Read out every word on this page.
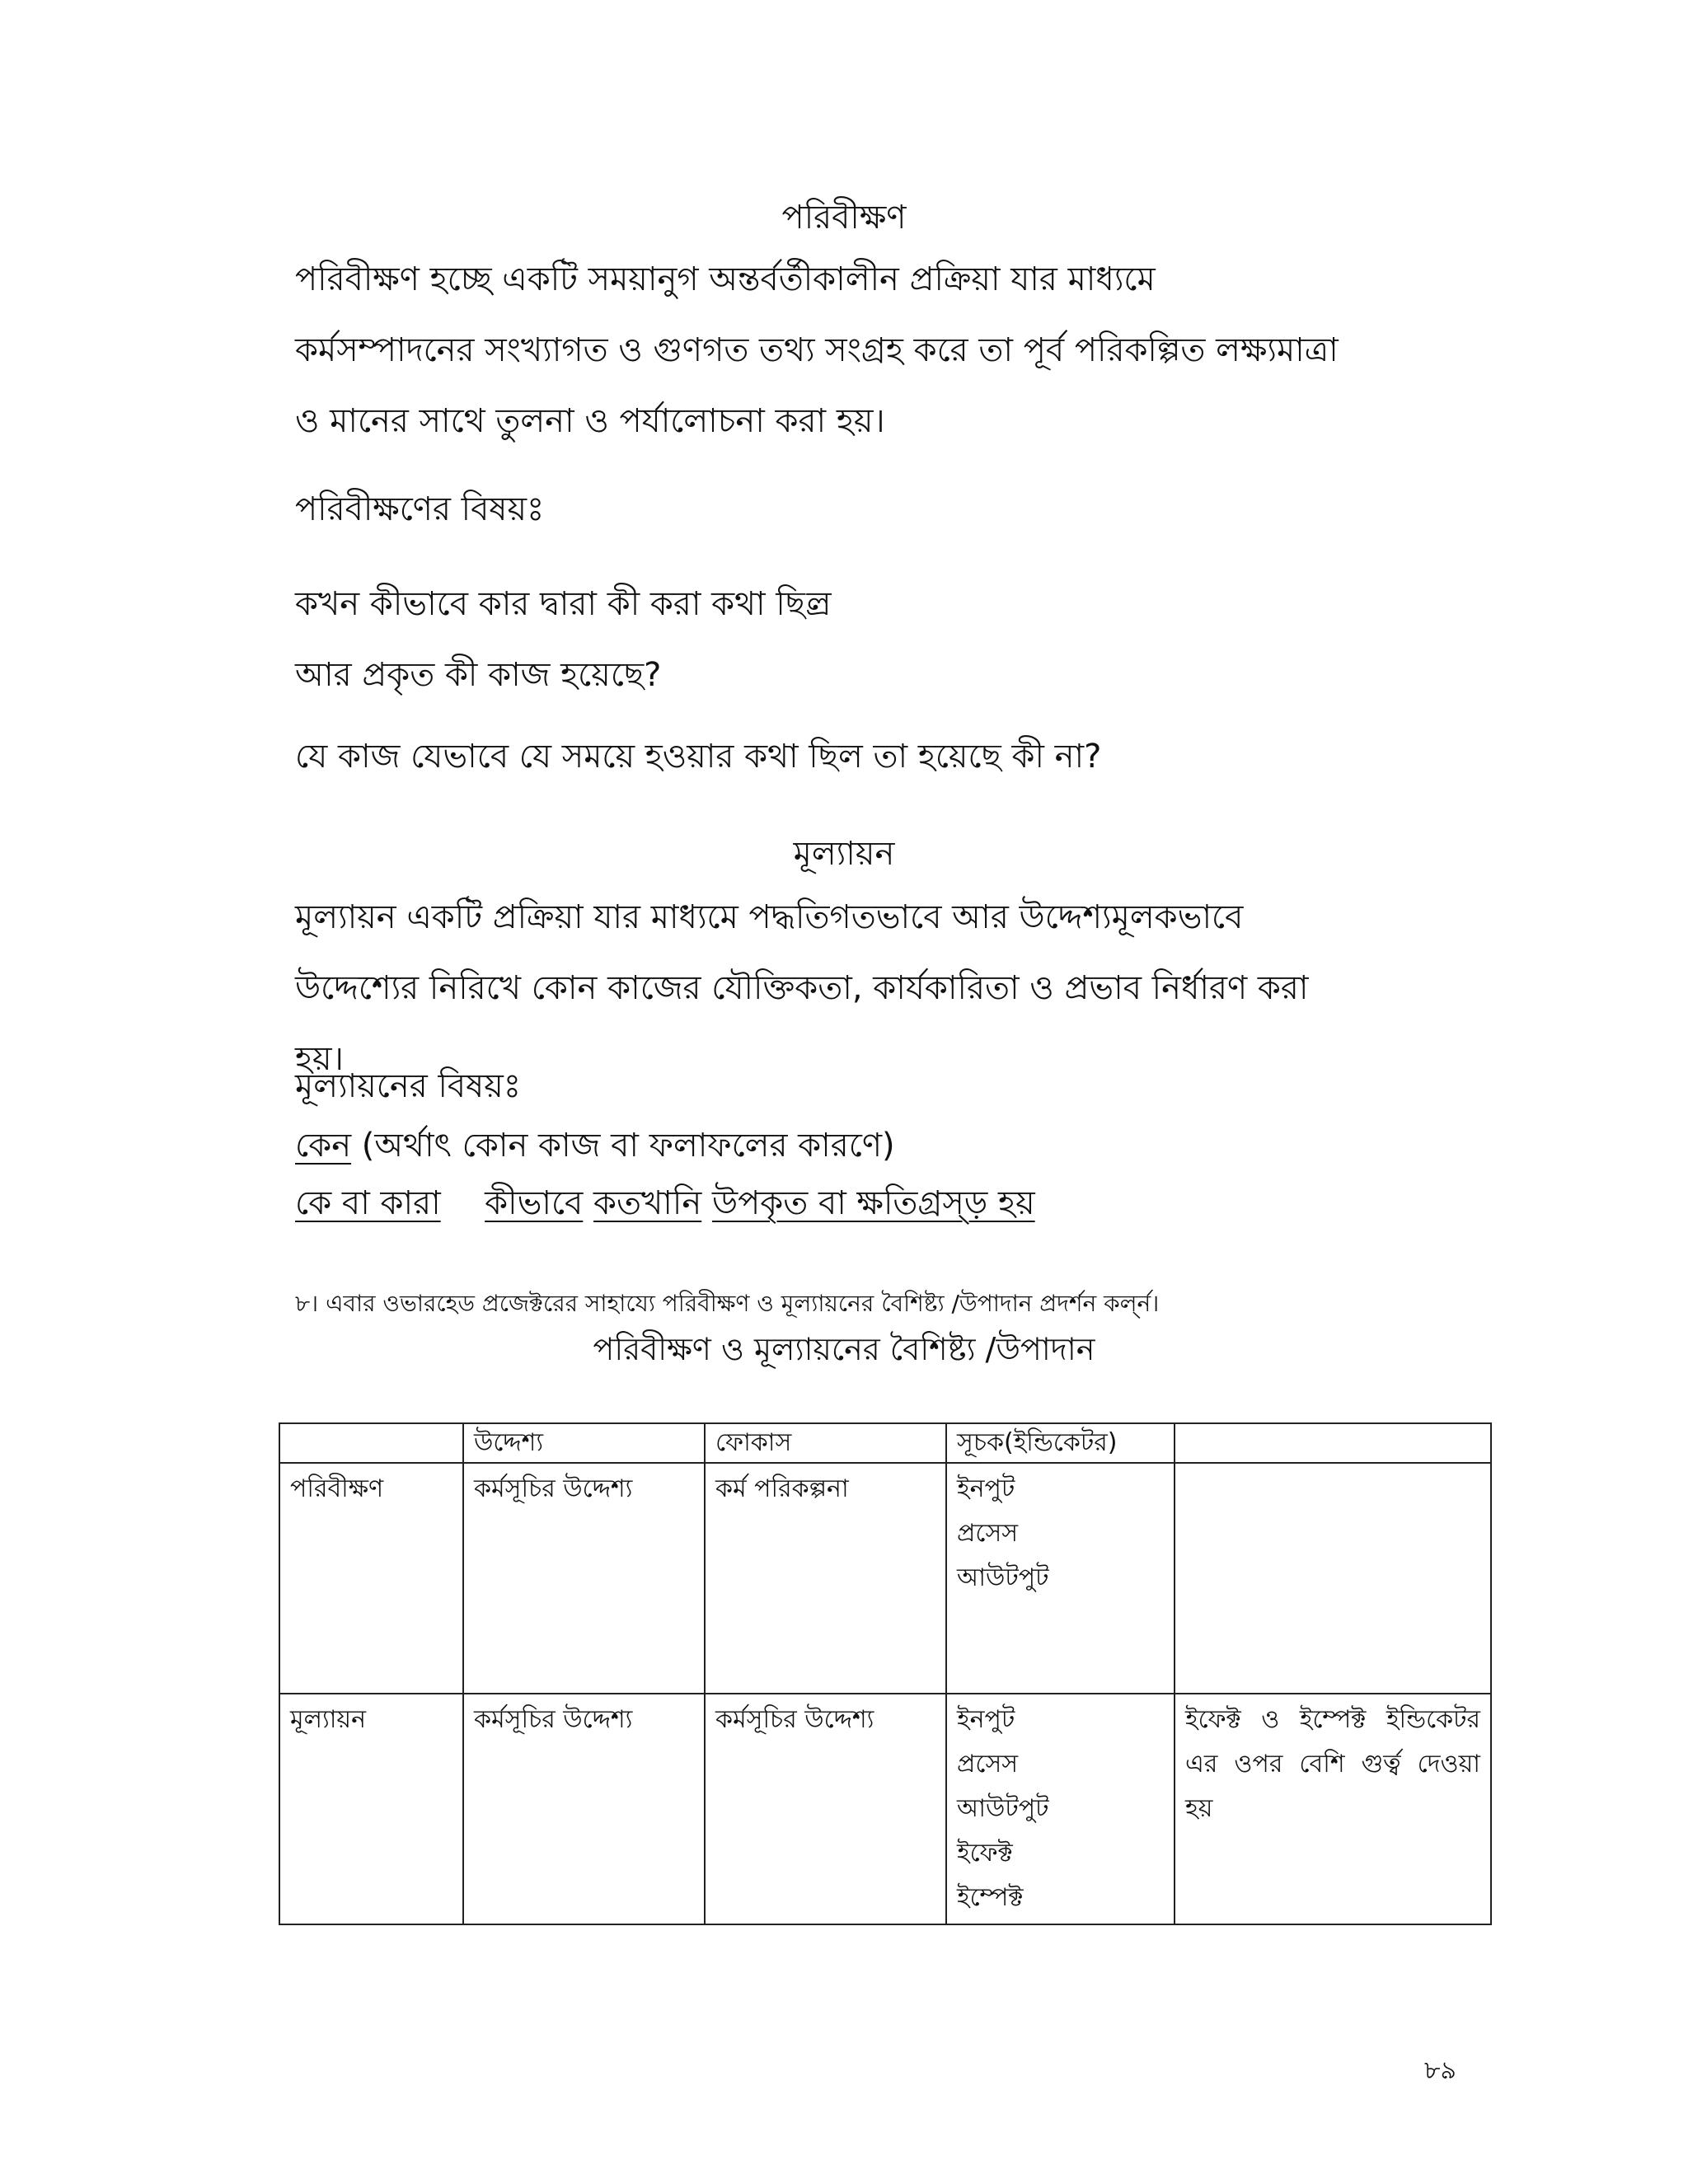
পরিবীক্ষণ
পরিবীক্ষণ হচ্ছে একটি সময়ানুগ অন্তর্বর্তীকালীন প্রক্রিয়া যার মাধ্যমে
কর্মসম্পাদনের সংখ্যাগত ও গুণগত তথ্য সংগ্রহ করে তা পূর্ব পরিকল্পিত লক্ষ্যমাত্রা
ও মানের সাথে তুলনা ও পর্যালোচনা করা হয়।
পরিবীক্ষণের বিষয়ঃ
কখন কীভাবে কার দ্বারা কী করা কথা ছিল্র
আর প্রকৃত কী কাজ হয়েছে?
যে কাজ যেভাবে যে সময়ে হওয়ার কথা ছিল তা হয়েছে কী না?
মূল্যায়ন
মূল্যায়ন একটি প্রক্রিয়া যার মাধ্যমে পদ্ধতিগতভাবে আর উদ্দেশ্যমূলকভাবে
উদ্দেশ্যের নিরিখে কোন কাজের যৌক্তিকতা, কার্যকারিতা ও প্রভাব নির্ধারণ করা
হয়।
মূল্যায়নের বিষয়ঃ
কেন (অর্থাৎ কোন কাজ বা ফলাফলের কারণে)
কে বা কারা কীভাবে কতখানি উপকৃত বা ক্ষতিগ্রস্ড় হয়
৮। এবার ওভারহেড প্রজেক্টরের সাহায্যে পরিবীক্ষণ ও মূল্যায়নের বৈশিষ্ট্য /উপাদান প্রদর্শন কর্ল্ন।
পরিবীক্ষণ ও মূল্যায়নের বৈশিষ্ট্য /উপাদান
	উদ্দেশ্য	ফোকাস	সূচক(ইন্ডিকেটর)	
পরিবীক্ষণ	কর্মসূচির উদ্দেশ্য	কর্ম পরিকল্পনা	ইনপুট
প্রসেস
আউটপুট	

মূল্যায়ন	কর্মসূচির উদ্দেশ্য	কর্মসূচির উদ্দেশ্য	ইনপুট
প্রসেস
আউটপুট
ইফেক্ট
ইম্পেক্ট	ইফেক্ট ও ইম্পেক্ট ইন্ডিকেটর এর ওপর বেশি গুর্ত্ব দেওয়া হয়
৮৯
